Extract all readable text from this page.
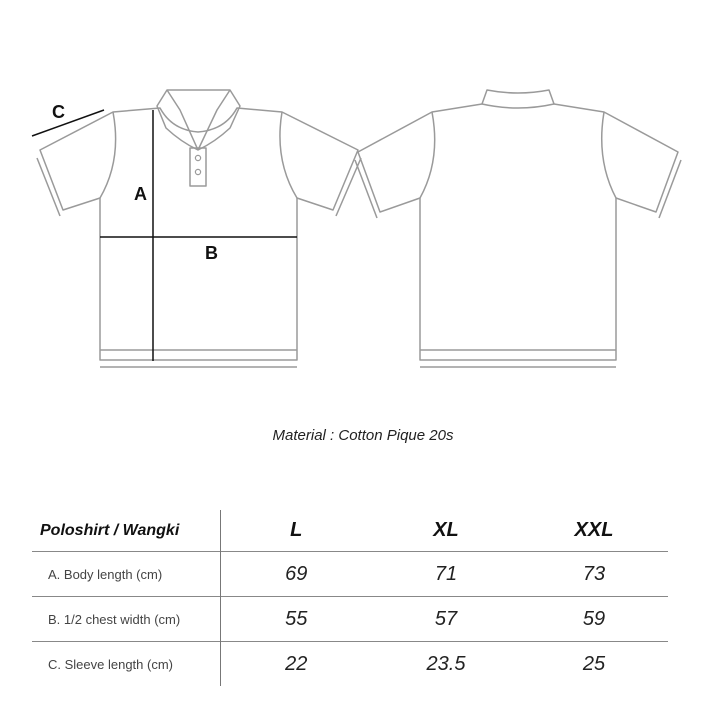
A
B
C
Material : Cotton Pique 20s
Poloshirt / Wangki	L	XL	XXL
A. Body length (cm)	69	71	73
B. 1/2 chest width (cm)	55	57	59
C. Sleeve length (cm)	22	23.5	25
